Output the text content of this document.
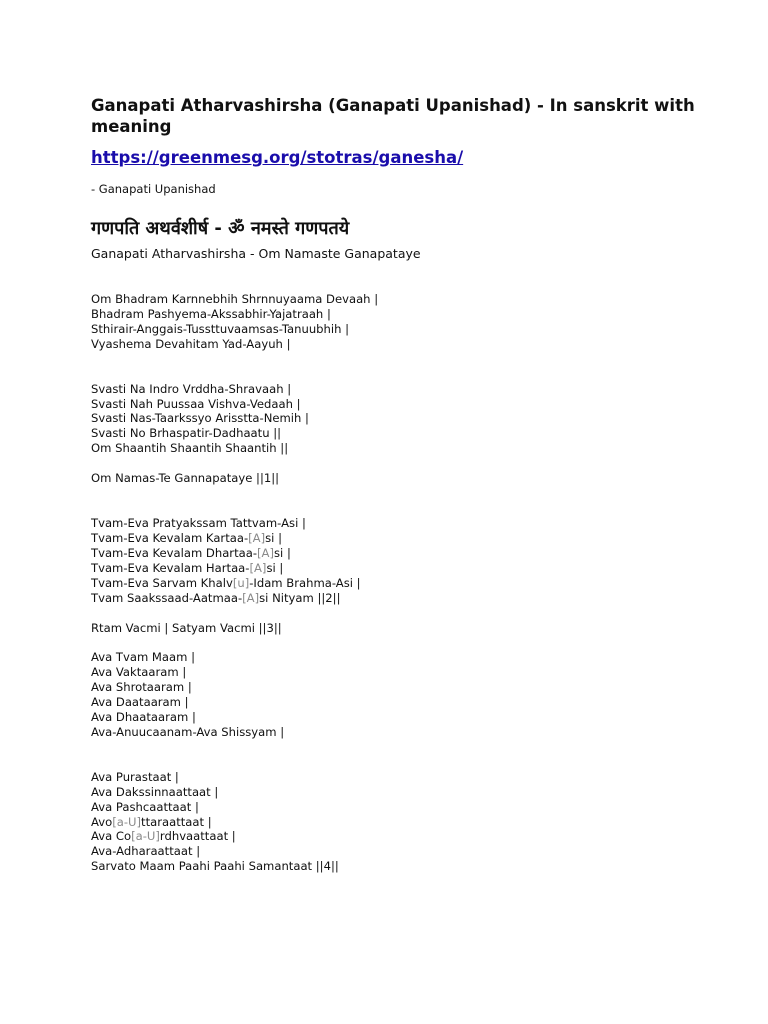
Ganapati Atharvashirsha (Ganapati Upanishad) - In sanskrit with meaning
https://greenmesg.org/stotras/ganesha/
- Ganapati Upanishad
गणपति अथर्वशीर्ष - ॐ नमस्ते गणपतये
Ganapati Atharvashirsha - Om Namaste Ganapataye
Om Bhadram Karnnebhih Shrnnuyaama Devaah |
Bhadram Pashyema-Akssabhir-Yajatraah |
Sthirair-Anggais-Tussttuvaamsas-Tanuubhih |
Vyashema Devahitam Yad-Aayuh |
Svasti Na Indro Vrddha-Shravaah |
Svasti Nah Puussaa Vishva-Vedaah |
Svasti Nas-Taarkssyo Arisstta-Nemih |
Svasti No Brhaspatir-Dadhaatu ||
Om Shaantih Shaantih Shaantih ||
Om Namas-Te Gannapataye ||1||
Tvam-Eva Pratyakssam Tattvam-Asi |
Tvam-Eva Kevalam Kartaa-[A]si |
Tvam-Eva Kevalam Dhartaa-[A]si |
Tvam-Eva Kevalam Hartaa-[A]si |
Tvam-Eva Sarvam Khalv[u]-Idam Brahma-Asi |
Tvam Saakssaad-Aatmaa-[A]si Nityam ||2||
Rtam Vacmi | Satyam Vacmi ||3||
Ava Tvam Maam |
Ava Vaktaaram |
Ava Shrotaaram |
Ava Daataaram |
Ava Dhaataaram |
Ava-Anuucaanam-Ava Shissyam |
Ava Purastaat |
Ava Dakssinnaattaat |
Ava Pashcaattaat |
Avo[a-U]ttaraattaat |
Ava Co[a-U]rdhvaattaat |
Ava-Adharaattaat |
Sarvato Maam Paahi Paahi Samantaat ||4||
